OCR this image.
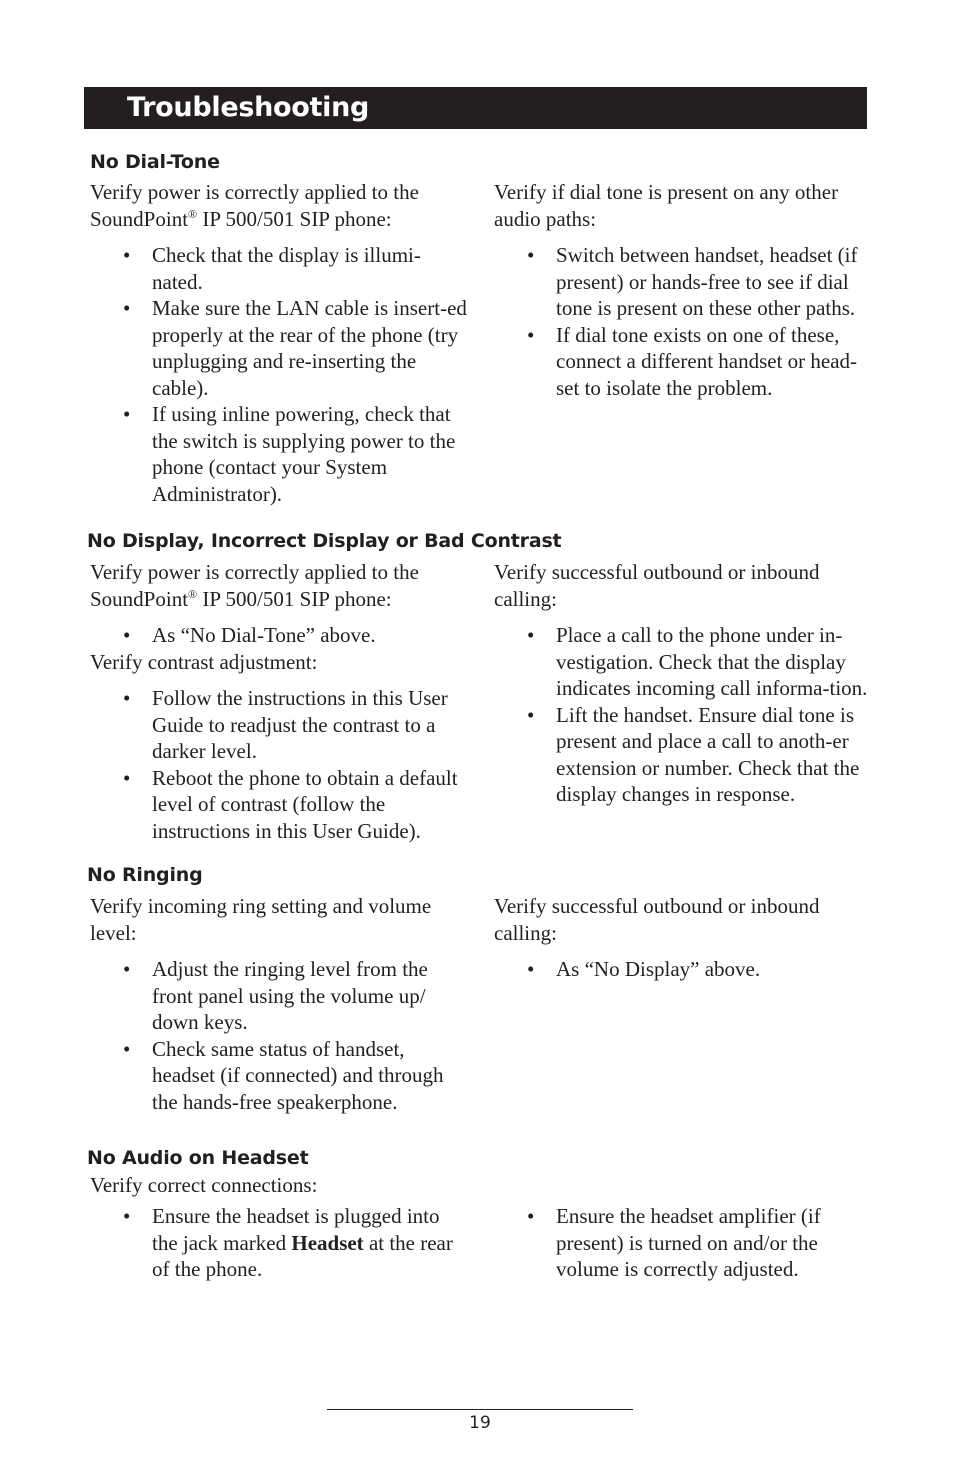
Troubleshooting
No Dial-Tone

Verify power is correctly applied to the SoundPoint® IP 500/501 SIP phone:

• Check that the display is illumi-nated.
• Make sure the LAN cable is insert-ed properly at the rear of the phone (try unplugging and re-inserting the cable).
• If using inline powering, check that the switch is supplying power to the phone (contact your System Administrator).

Verify if dial tone is present on any other audio paths:

• Switch between handset, headset (if present) or hands-free to see if dial tone is present on these other paths.
• If dial tone exists on one of these, connect a different handset or head-set to isolate the problem.
No Display, Incorrect Display or Bad Contrast

Verify power is correctly applied to the SoundPoint® IP 500/501 SIP phone:

• As “No Dial-Tone” above.

Verify contrast adjustment:

• Follow the instructions in this User Guide to readjust the contrast to a darker level.
• Reboot the phone to obtain a default level of contrast (follow the instructions in this User Guide).

Verify successful outbound or inbound calling:

• Place a call to the phone under in-vestigation. Check that the display indicates incoming call informa-tion.
• Lift the handset. Ensure dial tone is present and place a call to anoth-er extension or number. Check that the display changes in response.
No Ringing

Verify incoming ring setting and volume level:

• Adjust the ringing level from the front panel using the volume up/ down keys.
• Check same status of handset, headset (if connected) and through the hands-free speakerphone.

Verify successful outbound or inbound calling:

• As “No Display” above.
No Audio on Headset

Verify correct connections:

• Ensure the headset is plugged into the jack marked Headset at the rear of the phone.
• Ensure the headset amplifier (if present) is turned on and/or the volume is correctly adjusted.
19
